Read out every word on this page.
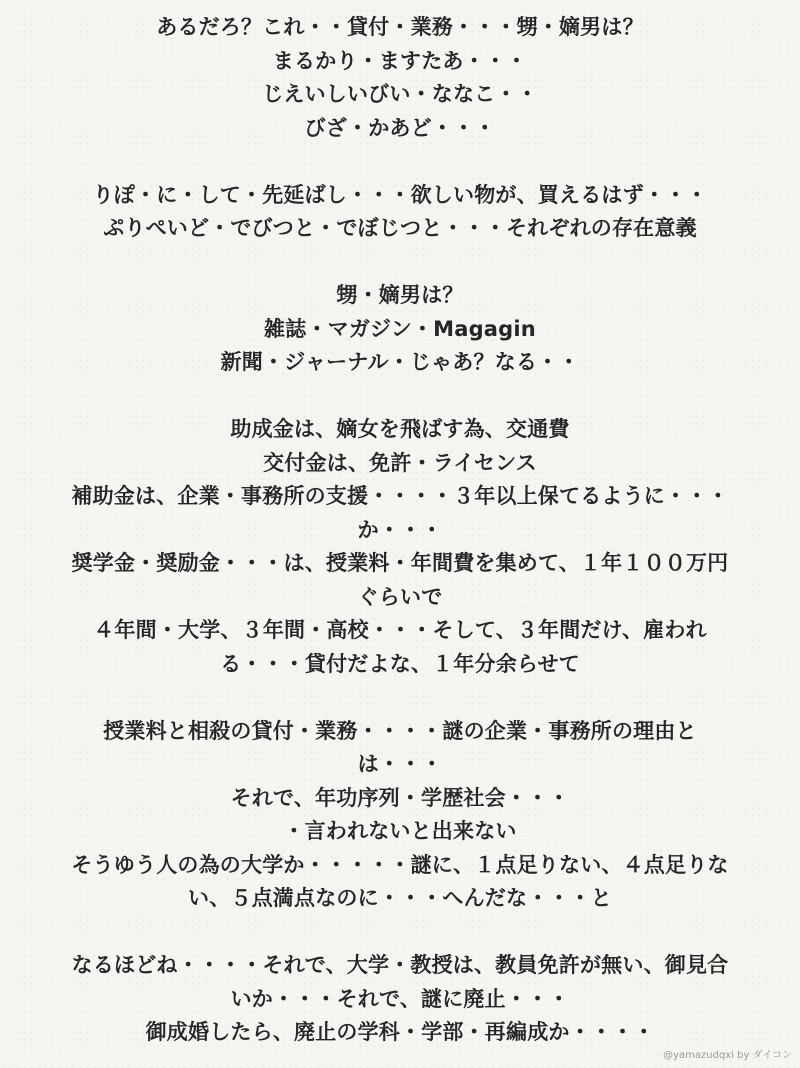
あるだろ？これ・・貸付・業務・・・甥・嫡男は？
まるかり・ますたあ・・・
じえいしいびい・ななこ・・
びざ・かあど・・・
りぽ・に・して・先延ばし・・・欲しい物が、買えるはず・・・
ぷりぺいど・でびつと・でぼじつと・・・それぞれの存在意義
甥・嫡男は？
雑誌・マガジン・Magagin
新聞・ジャーナル・じゃあ？なる・・
助成金は、嫡女を飛ばす為、交通費
交付金は、免許・ライセンス
補助金は、企業・事務所の支援・・・・３年以上保てるように・・・
か・・・
奨学金・奨励金・・・は、授業料・年間費を集めて、１年１００万円
ぐらいで
４年間・大学、３年間・高校・・・そして、３年間だけ、雇われ
る・・・貸付だよな、１年分余らせて
授業料と相殺の貸付・業務・・・・謎の企業・事務所の理由と
は・・・
それで、年功序列・学歴社会・・・
・言われないと出来ない
そうゆう人の為の大学か・・・・・謎に、１点足りない、４点足りな
い、５点満点なのに・・・へんだな・・・と
なるほどね・・・・それで、大学・教授は、教員免許が無い、御見合
いか・・・それで、謎に廃止・・・
御成婚したら、廃止の学科・学部・再編成か・・・・
@yamazudqxi by ダイコン
